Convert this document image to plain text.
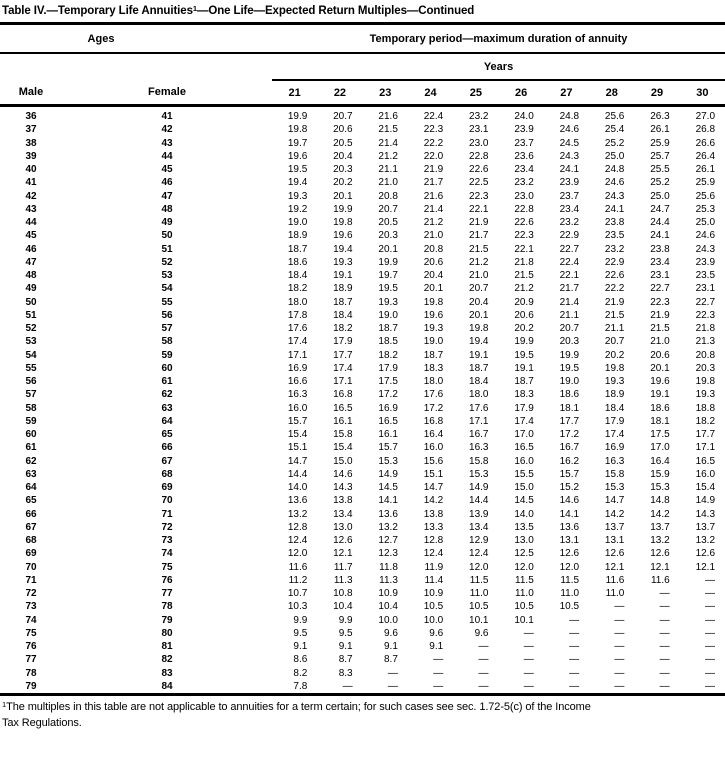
Table IV.—Temporary Life Annuities$^1$—One Life—Expected Return Multiples—Continued
Ages		Temporary period—maximum duration of annuity									
		Years									
Male	Female	21	22	23	24	25	26	27	28	29	30
36	41	19.9	20.7	21.6	22.4	23.2	24.0	24.8	25.6	26.3	27.0
37	42	19.8	20.6	21.5	22.3	23.1	23.9	24.6	25.4	26.1	26.8
38	43	19.7	20.5	21.4	22.2	23.0	23.7	24.5	25.2	25.9	26.6
39	44	19.6	20.4	21.2	22.0	22.8	23.6	24.3	25.0	25.7	26.4
40	45	19.5	20.3	21.1	21.9	22.6	23.4	24.1	24.8	25.5	26.1
41	46	19.4	20.2	21.0	21.7	22.5	23.2	23.9	24.6	25.2	25.9
42	47	19.3	20.1	20.8	21.6	22.3	23.0	23.7	24.3	25.0	25.6
43	48	19.2	19.9	20.7	21.4	22.1	22.8	23.4	24.1	24.7	25.3
44	49	19.0	19.8	20.5	21.2	21.9	22.6	23.2	23.8	24.4	25.0
45	50	18.9	19.6	20.3	21.0	21.7	22.3	22.9	23.5	24.1	24.6
46	51	18.7	19.4	20.1	20.8	21.5	22.1	22.7	23.2	23.8	24.3
47	52	18.6	19.3	19.9	20.6	21.2	21.8	22.4	22.9	23.4	23.9
48	53	18.4	19.1	19.7	20.4	21.0	21.5	22.1	22.6	23.1	23.5
49	54	18.2	18.9	19.5	20.1	20.7	21.2	21.7	22.2	22.7	23.1
50	55	18.0	18.7	19.3	19.8	20.4	20.9	21.4	21.9	22.3	22.7
51	56	17.8	18.4	19.0	19.6	20.1	20.6	21.1	21.5	21.9	22.3
52	57	17.6	18.2	18.7	19.3	19.8	20.2	20.7	21.1	21.5	21.8
53	58	17.4	17.9	18.5	19.0	19.4	19.9	20.3	20.7	21.0	21.3
54	59	17.1	17.7	18.2	18.7	19.1	19.5	19.9	20.2	20.6	20.8
55	60	16.9	17.4	17.9	18.3	18.7	19.1	19.5	19.8	20.1	20.3
56	61	16.6	17.1	17.5	18.0	18.4	18.7	19.0	19.3	19.6	19.8
57	62	16.3	16.8	17.2	17.6	18.0	18.3	18.6	18.9	19.1	19.3
58	63	16.0	16.5	16.9	17.2	17.6	17.9	18.1	18.4	18.6	18.8
59	64	15.7	16.1	16.5	16.8	17.1	17.4	17.7	17.9	18.1	18.2
60	65	15.4	15.8	16.1	16.4	16.7	17.0	17.2	17.4	17.5	17.7
61	66	15.1	15.4	15.7	16.0	16.3	16.5	16.7	16.9	17.0	17.1
62	67	14.7	15.0	15.3	15.6	15.8	16.0	16.2	16.3	16.4	16.5
63	68	14.4	14.6	14.9	15.1	15.3	15.5	15.7	15.8	15.9	16.0
64	69	14.0	14.3	14.5	14.7	14.9	15.0	15.2	15.3	15.3	15.4
65	70	13.6	13.8	14.1	14.2	14.4	14.5	14.6	14.7	14.8	14.9
66	71	13.2	13.4	13.6	13.8	13.9	14.0	14.1	14.2	14.2	14.3
67	72	12.8	13.0	13.2	13.3	13.4	13.5	13.6	13.7	13.7	13.7
68	73	12.4	12.6	12.7	12.8	12.9	13.0	13.1	13.1	13.2	13.2
69	74	12.0	12.1	12.3	12.4	12.4	12.5	12.6	12.6	12.6	12.6
70	75	11.6	11.7	11.8	11.9	12.0	12.0	12.0	12.1	12.1	12.1
71	76	11.2	11.3	11.3	11.4	11.5	11.5	11.5	11.6	11.6	—
72	77	10.7	10.8	10.9	10.9	11.0	11.0	11.0	11.0	—	—
73	78	10.3	10.4	10.4	10.5	10.5	10.5	10.5	—	—	—
74	79	9.9	9.9	10.0	10.0	10.1	10.1	—	—	—	—
75	80	9.5	9.5	9.6	9.6	9.6	—	—	—	—	—
76	81	9.1	9.1	9.1	9.1	—	—	—	—	—	—
77	82	8.6	8.7	8.7	—	—	—	—	—	—	—
78	83	8.2	8.3	—	—	—	—	—	—	—	—
79	84	7.8	—	—	—	—	—	—	—	—	—
$^1$The multiples in this table are not applicable to annuities for a term certain; for such cases see sec. 1.72-5(c) of the Income
Tax Regulations.
